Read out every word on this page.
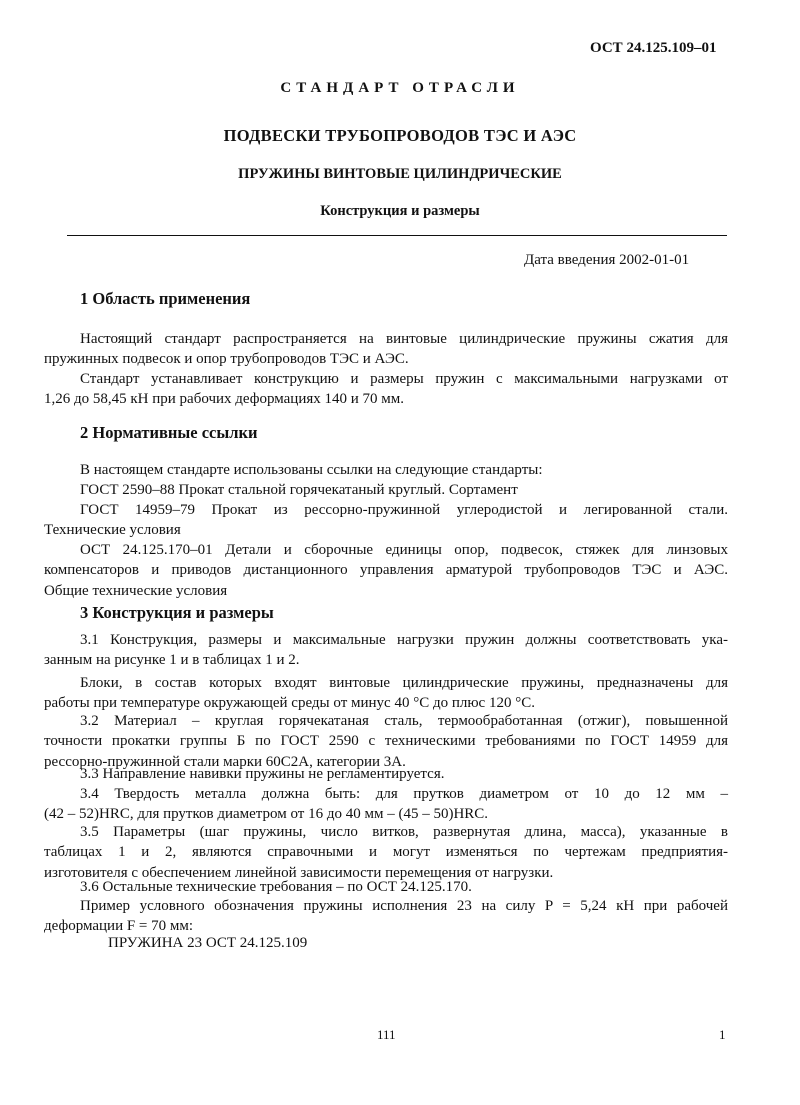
ОСТ 24.125.109–01
СТАНДАРТ ОТРАСЛИ
ПОДВЕСКИ ТРУБОПРОВОДОВ ТЭС И АЭС
ПРУЖИНЫ ВИНТОВЫЕ ЦИЛИНДРИЧЕСКИЕ
Конструкция и размеры
Дата введения 2002-01-01
1 Область применения
Настоящий стандарт распространяется на винтовые цилиндрические пружины сжатия для
пружинных подвесок и опор трубопроводов ТЭС и АЭС.
Стандарт устанавливает конструкцию и размеры пружин с максимальными нагрузками от
1,26 до 58,45 кН при рабочих деформациях 140 и 70 мм.
2 Нормативные ссылки
В настоящем стандарте использованы ссылки на следующие стандарты:
ГОСТ 2590–88 Прокат стальной горячекатаный круглый. Сортамент
ГОСТ 14959–79 Прокат из рессорно-пружинной углеродистой и легированной стали.
Технические условия
ОСТ 24.125.170–01 Детали и сборочные единицы опор, подвесок, стяжек для линзовых
компенсаторов и приводов дистанционного управления арматурой трубопроводов ТЭС и АЭС.
Общие технические условия
3 Конструкция и размеры
3.1 Конструкция, размеры и максимальные нагрузки пружин должны соответствовать ука-
занным на рисунке 1 и в таблицах 1 и 2.
Блоки, в состав которых входят винтовые цилиндрические пружины, предназначены для
работы при температуре окружающей среды от минус 40 °С до плюс 120 °С.
3.2 Материал – круглая горячекатаная сталь, термообработанная (отжиг), повышенной
точности прокатки группы Б по ГОСТ 2590 с техническими требованиями по ГОСТ 14959 для
рессорно-пружинной стали марки 60С2А, категории 3А.
3.3 Направление навивки пружины не регламентируется.
3.4 Твердость металла должна быть: для прутков диаметром от 10 до 12 мм –
(42 – 52)HRC, для прутков диаметром от 16 до 40 мм – (45 – 50)HRC.
3.5 Параметры (шаг пружины, число витков, развернутая длина, масса), указанные в
таблицах 1 и 2, являются справочными и могут изменяться по чертежам предприятия-
изготовителя с обеспечением линейной зависимости перемещения от нагрузки.
3.6 Остальные технические требования – по ОСТ 24.125.170.
Пример условного обозначения пружины исполнения 23 на силу P = 5,24 кН при рабочей
деформации F = 70 мм:
ПРУЖИНА 23 ОСТ 24.125.109
111	1
